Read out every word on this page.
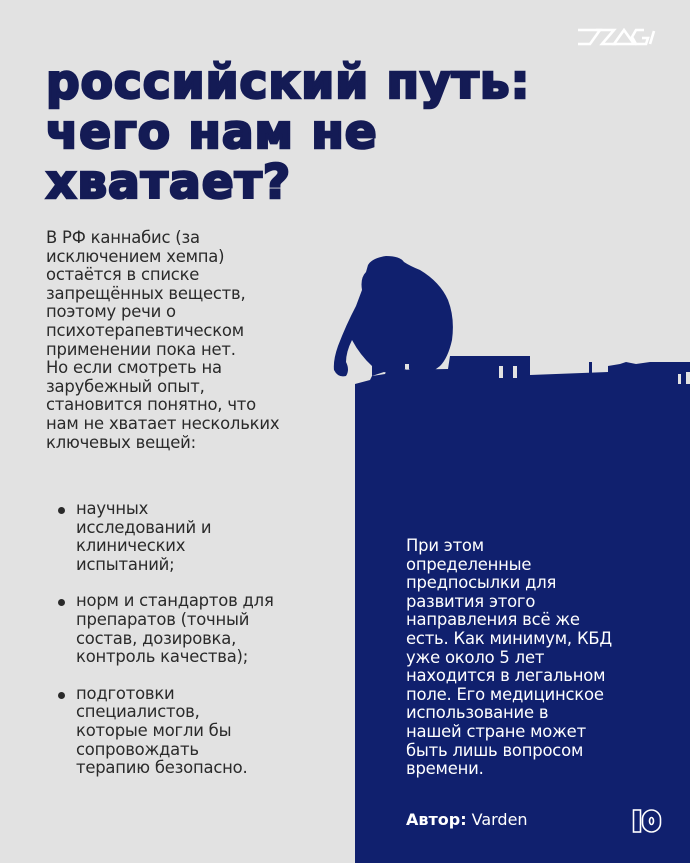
российский путь:
чего нам не
хватает?
В РФ каннабис (за
исключением хемпа)
остаётся в списке
запрещённых веществ,
поэтому речи о
психотерапевтическом
применении пока нет.
Но если смотреть на
зарубежный опыт,
становится понятно, что
нам не хватает нескольких
ключевых вещей:
научных
исследований и
клинических
испытаний;
норм и стандартов для
препаратов (точный
состав, дозировка,
контроль качества);
подготовки
специалистов,
которые могли бы
сопровождать
терапию безопасно.
При этом
определенные
предпосылки для
развития этого
направления всё же
есть. Как минимум, КБД
уже около 5 лет
находится в легальном
поле. Его медицинское
использование в
нашей стране может
быть лишь вопросом
времени.
Автор: Varden
